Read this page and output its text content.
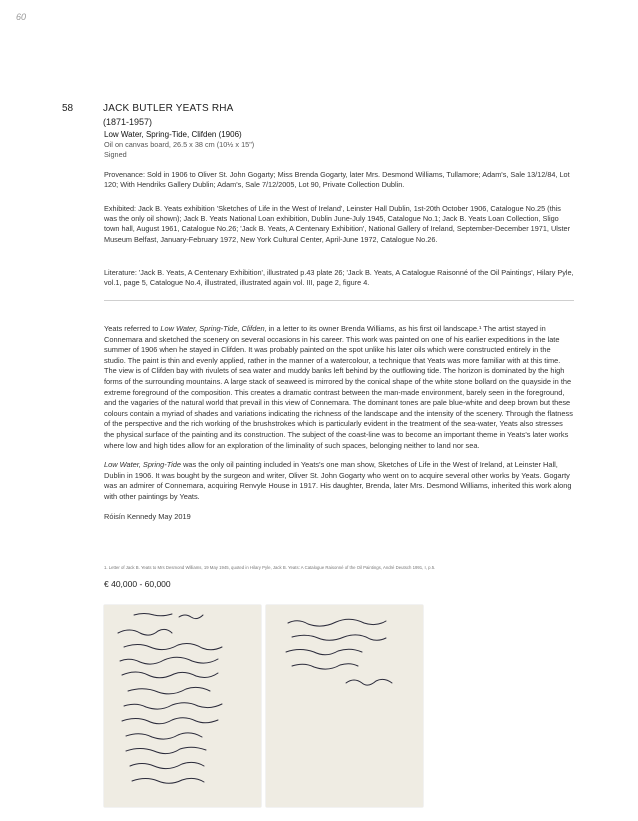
60
58	JACK BUTLER YEATS RHA
(1871-1957)

Low Water, Spring-Tide, Clifden (1906)

Oil on canvas board, 26.5 x 38 cm (10½ x 15")

Signed

Provenance: Sold in 1906 to Oliver St. John Gogarty; Miss Brenda Gogarty, later Mrs. Desmond Williams, Tullamore; Adam's, Sale 13/12/84, Lot 120; With Hendriks Gallery Dublin; Adam's, Sale 7/12/2005, Lot 90, Private Collection Dublin.
Exhibited: Jack B. Yeats exhibition 'Sketches of Life in the West of Ireland', Leinster Hall Dublin, 1st-20th October 1906, Catalogue No.25 (this was the only oil shown); Jack B. Yeats National Loan exhibition, Dublin June-July 1945, Catalogue No.1; Jack B. Yeats Loan Collection, Sligo town hall, August 1961, Catalogue No.26; 'Jack B. Yeats, A Centenary Exhibition', National Gallery of Ireland, September-December 1971, Ulster Museum Belfast, January-February 1972, New York Cultural Center, April-June 1972, Catalogue No.26.
Literature: 'Jack B. Yeats, A Centenary Exhibition', illustrated p.43 plate 26; 'Jack B. Yeats, A Catalogue Raisonné of the Oil Paintings', Hilary Pyle, vol.1, page 5, Catalogue No.4, illustrated, illustrated again vol. III, page 2, figure 4.

Yeats referred to Low Water, Spring-Tide, Clifden, in a letter to its owner Brenda Williams, as his first oil landscape.¹ The artist stayed in Connemara and sketched the scenery on several occasions in his career. This work was painted on one of his earlier expeditions in the late summer of 1906 when he stayed in Clifden. It was probably painted on the spot unlike his later oils which were constructed entirely in the studio. The paint is thin and evenly applied, rather in the manner of a watercolour, a technique that Yeats was more familiar with at this time. The view is of Clifden bay with rivulets of sea water and muddy banks left behind by the outflowing tide. The horizon is dominated by the high forms of the surrounding mountains. A large stack of seaweed is mirrored by the conical shape of the white stone bollard on the quayside in the extreme foreground of the composition. This creates a dramatic contrast between the man-made environment, barely seen in the foreground, and the vagaries of the natural world that prevail in this view of Connemara. The dominant tones are pale blue-white and deep brown but these colours contain a myriad of shades and variations indicating the richness of the landscape and the intensity of the scenery. Through the flatness of the perspective and the rich working of the brushstrokes which is particularly evident in the treatment of the sea-water, Yeats also stresses the physical surface of the painting and its construction. The subject of the coast-line was to become an important theme in Yeats's later works where low and high tides allow for an exploration of the liminality of such spaces, belonging neither to land nor sea.

Low Water, Spring-Tide was the only oil painting included in Yeats's one man show, Sketches of Life in the West of Ireland, at Leinster Hall, Dublin in 1906. It was bought by the surgeon and writer, Oliver St. John Gogarty who went on to acquire several other works by Yeats. Gogarty was an admirer of Connemara, acquiring Renvyle House in 1917. His daughter, Brenda, later Mrs. Desmond Williams, inherited this work along with other paintings by Yeats.

Róisín Kennedy May 2019

1. Letter of Jack B. Yeats to Mrs Desmond Williams, 19 May 1945, quoted in Hilary Pyle, Jack B. Yeats: A Catalogue Raisonné of the Oil Paintings, André Deutsch 1991, I, p.5.
€ 40,000 - 60,000
